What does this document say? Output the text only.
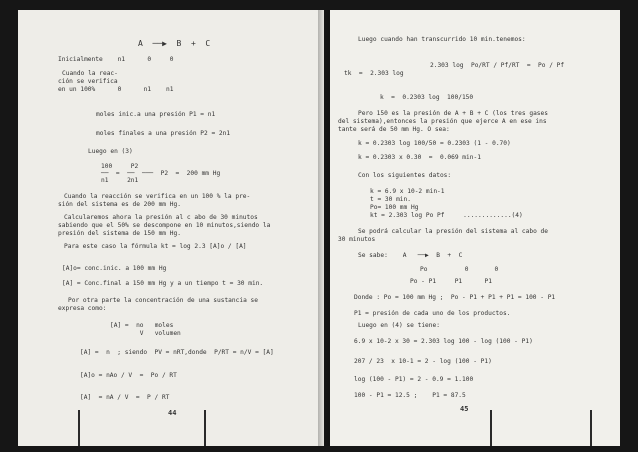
A  ──▶  B  +  C
Inicialmente    n1      0     0
Cuando la reac-
ción se verifica
en un 100%      0      n1    n1
moles inic.a una presión P1 = n1
moles finales a una presión P2 = 2n1
Luego en (3)
100     P2
──  =  ──  ───  P2  =  200 mm Hg
n1     2n1
Cuando la reacción se verifica en un 100 % la pre-
sión del sistema es de 200 mm Hg.
Calcularemos ahora la presión al c abo de 30 minutos
sabiendo que el 50% se descompone en 10 minutos,siendo la
presión del sistema de 150 mm Hg.
Para este caso la fórmula kt = log 2.3 [A]o / [A]
[A]o= conc.inic. a 100 mm Hg
[A] = Conc.final a 150 mm Hg y a un tiempo t = 30 min.
Por otra parte la concentración de una sustancia se
expresa como:
[A] =  no   moles
V   volumen
[A] =  n  ; siendo  PV = nRT,donde  P/RT = n/V = [A]
[A]o = nAo / V  =  Po / RT
[A]  = nA / V  =  P / RT
44
Luego cuando han transcurrido 10 min.tenemos:
2.303 log  Po/RT / Pf/RT  =  Po / Pf
tk  =  2.303 log
k  =  0.2303 log  100/150
Pero 150 es la presión de A + B + C (los tres gases
del sistema),entonces la presión que ejerce A en ese ins
tante será de 50 mm Hg. O sea:
k = 0.2303 log 100/50 = 0.2303 (1 - 0.70)
k = 0.2303 x 0.30  =  0.069 min-1
Con los siguientes datos:
k = 6.9 x 10-2 min-1
t = 30 min.
Po= 100 mm Hg
kt = 2.303 log Po Pf     .............(4)
Se podrá calcular la presión del sistema al cabo de
30 minutos
Se sabe:    A   ──▶  B  +  C
Po          0       0
Po - P1     P1      P1
Donde : Po = 100 mm Hg ;  Po - P1 + P1 + P1 = 100 - P1
P1 = presión de cada uno de los productos.
Luego en (4) se tiene:
6.9 x 10-2 x 30 = 2.303 log 100 - log (100 - P1)
207 / 23  x 10-1 = 2 - log (100 - P1)
log (100 - P1) = 2 - 0.9 = 1.100
100 - P1 = 12.5 ;    P1 = 87.5
45
